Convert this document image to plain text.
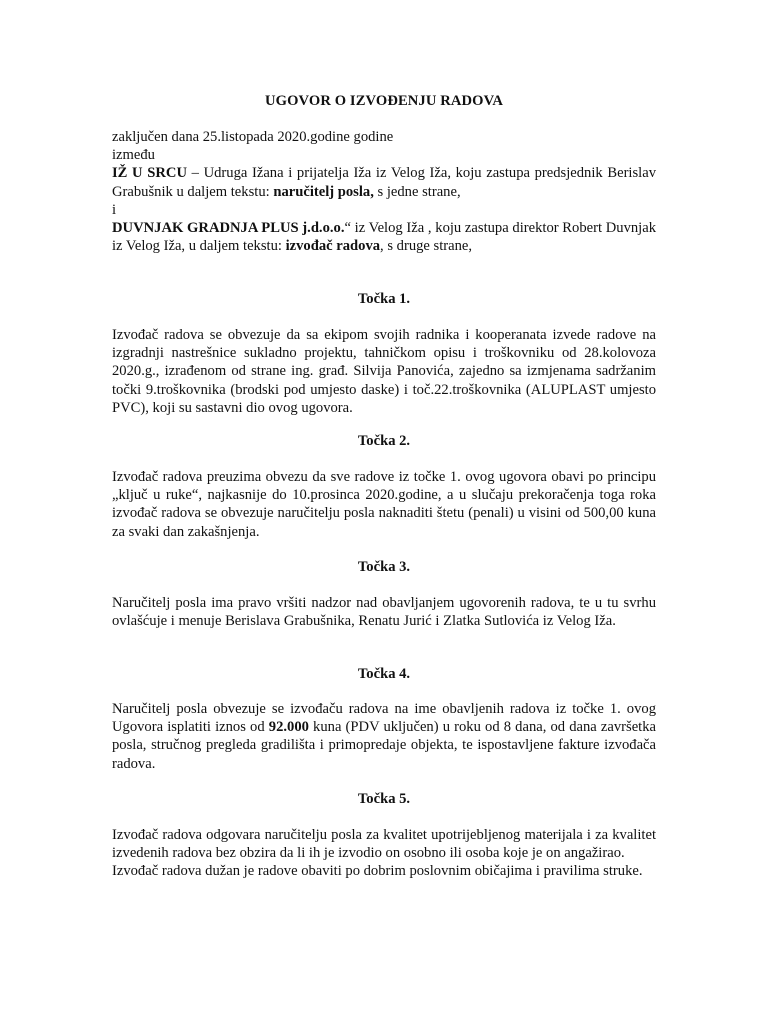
UGOVOR O IZVOĐENJU RADOVA

zaključen dana 25.listopada 2020.godine godine

između

IŽ U SRCU – Udruga Ižana i prijatelja Iža iz Velog Iža, koju zastupa predsjednik Berislav Grabušnik u daljem tekstu: naručitelj posla, s jedne strane,

i

DUVNJAK GRADNJA PLUS j.d.o.o.“ iz Velog Iža , koju zastupa direktor Robert Duvnjak iz Velog Iža, u daljem tekstu: izvođač radova, s druge strane,

Točka 1.

Izvođač radova se obvezuje da sa ekipom svojih radnika i kooperanata izvede radove na izgradnji nastrešnice sukladno projektu, tahničkom opisu i troškovniku od 28.kolovoza 2020.g., izrađenom od strane ing. građ. Silvija Panovića, zajedno sa izmjenama sadržanim točki 9.troškovnika (brodski pod umjesto daske) i toč.22.troškovnika (ALUPLAST umjesto PVC), koji su sastavni dio ovog ugovora.

Točka 2.

Izvođač radova preuzima obvezu da sve radove iz točke 1. ovog ugovora obavi po principu „ključ u ruke“, najkasnije do 10.prosinca 2020.godine, a u slučaju prekoračenja toga roka izvođač radova se obvezuje naručitelju posla naknaditi štetu (penali) u visini od 500,00 kuna za svaki dan zakašnjenja.

Točka 3.

Naručitelj posla ima pravo vršiti nadzor nad obavljanjem ugovorenih radova, te u tu svrhu ovlašćuje i menuje Berislava Grabušnika, Renatu Jurić i Zlatka Sutlovića iz Velog Iža.

Točka 4.

Naručitelj posla obvezuje se izvođaču radova na ime obavljenih radova iz točke 1. ovog Ugovora isplatiti iznos od 92.000 kuna (PDV uključen) u roku od 8 dana, od dana završetka posla, stručnog pregleda gradilišta i primopredaje objekta, te ispostavljene fakture izvođača radova.

Točka 5.

Izvođač radova odgovara naručitelju posla za kvalitet upotrijebljenog materijala i za kvalitet izvedenih radova bez obzira da li ih je izvodio on osobno ili osoba koje je on angažirao.

Izvođač radova dužan je radove obaviti po dobrim poslovnim običajima i pravilima struke.
